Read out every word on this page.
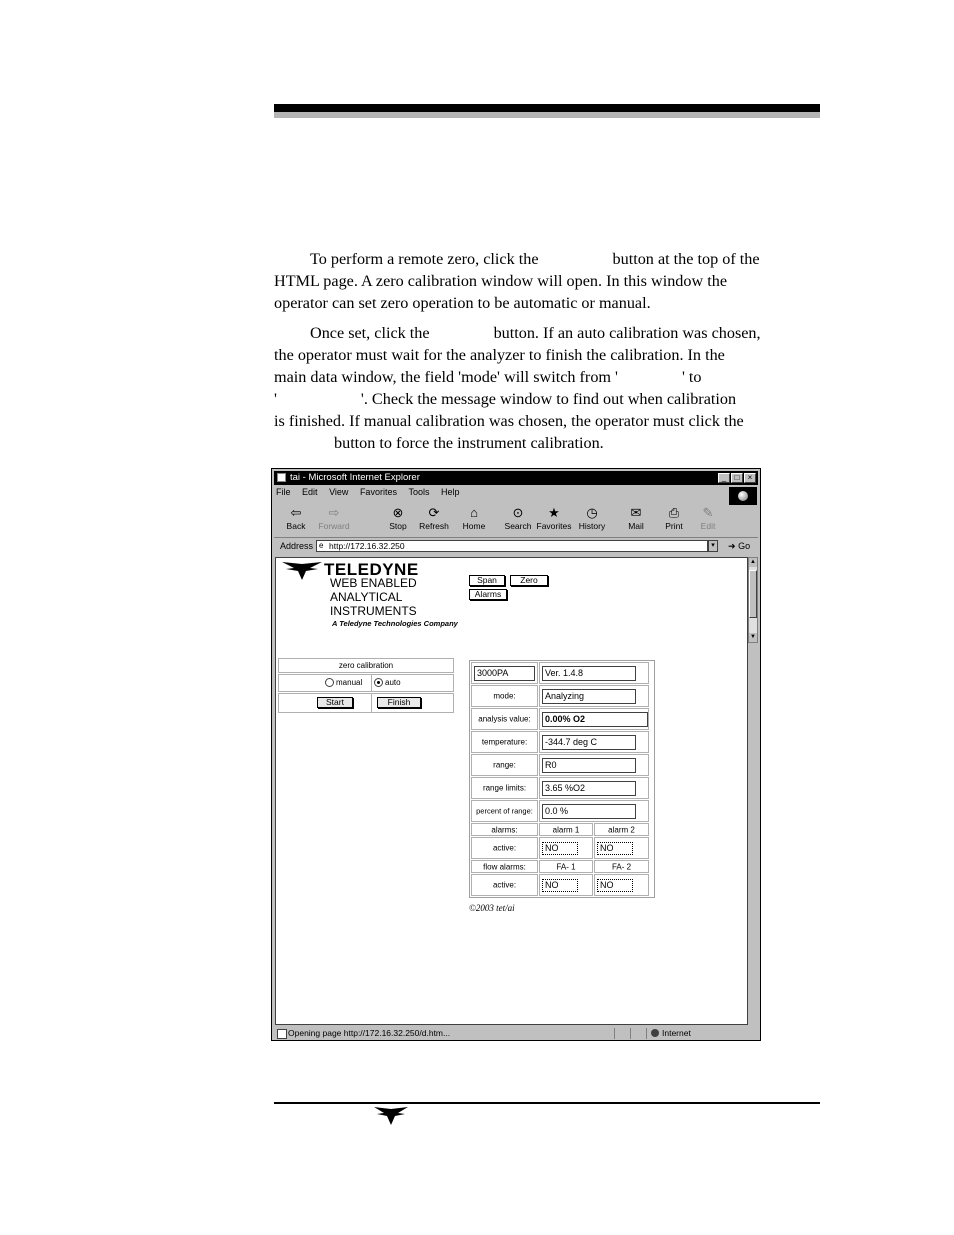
To perform a remote zero, click the	button at the top of the
HTML page. A zero calibration window will open. In this window the
operator can set zero operation to be automatic or manual.

Once set, click the	button. If an auto calibration was chosen,
the operator must wait for the analyzer to finish the calibration. In the
main data window, the field 'mode' will switch from '	' to
'	'. Check the message window to find out when calibration
is finished. If manual calibration was chosen, the operator must click the
button to force the instrument calibration.

tai - Microsoft Internet Explorer	_	□	×
File Edit View Favorites Tools Help
⇦
Back
⇨
Forward
⊗
Stop
⟳
Refresh
⌂
Home
⊙
Search
★
Favorites
◷
History
✉
Mail
⎙
Print
✎
Edit
Address
e	http://172.16.32.250	▾	➜ Go
TELEDYNE
WEB ENABLED
ANALYTICAL
INSTRUMENTS
A Teledyne Technologies Company
Span	Zero
Alarms
zero calibration
manual	auto
Start	Finish
3000PA	Ver. 1.4.8
mode:	Analyzing
analysis value:	0.00% O2
temperature:	-344.7 deg C
range:	R0
range limits:	3.65 %O2
percent of range:	0.0 %
alarms:	alarm 1	alarm 2
active:	NO	NO
flow alarms:	FA- 1	FA- 2
active:	NO	NO
©2003 tet/ai
▲
▼
Opening page http://172.16.32.250/d.htm...	Internet
